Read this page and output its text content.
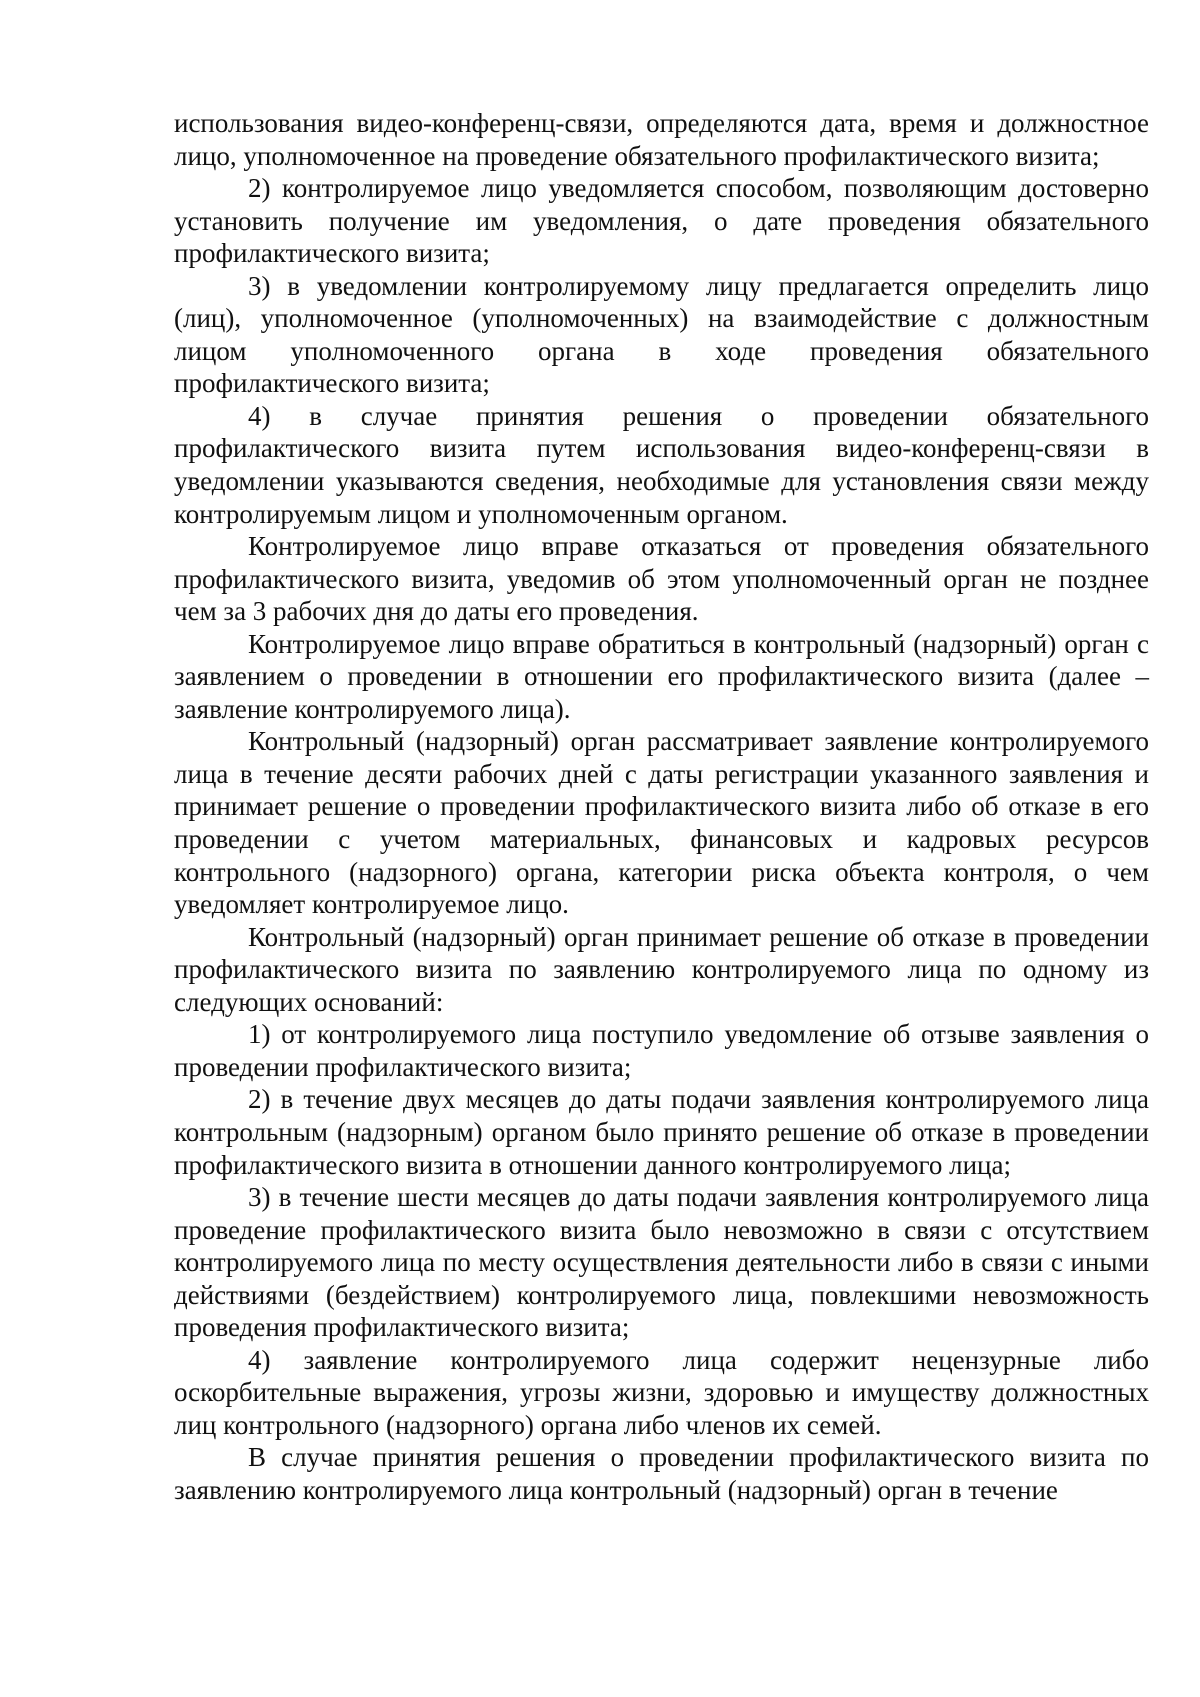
использования видео-конференц-связи, определяются дата, время и должностное лицо, уполномоченное на проведение обязательного профилактического визита;

2) контролируемое лицо уведомляется способом, позволяющим достоверно установить получение им уведомления, о дате проведения обязательного профилактического визита;

3) в уведомлении контролируемому лицу предлагается определить лицо (лиц), уполномоченное (уполномоченных) на взаимодействие с должностным лицом уполномоченного органа в ходе проведения обязательного профилактического визита;

4) в случае принятия решения о проведении обязательного профилактического визита путем использования видео-конференц-связи в уведомлении указываются сведения, необходимые для установления связи между контролируемым лицом и уполномоченным органом.

Контролируемое лицо вправе отказаться от проведения обязательного профилактического визита, уведомив об этом уполномоченный орган не позднее чем за 3 рабочих дня до даты его проведения.

Контролируемое лицо вправе обратиться в контрольный (надзорный) орган с заявлением о проведении в отношении его профилактического визита (далее – заявление контролируемого лица).

Контрольный (надзорный) орган рассматривает заявление контролируемого лица в течение десяти рабочих дней с даты регистрации указанного заявления и принимает решение о проведении профилактического визита либо об отказе в его проведении с учетом материальных, финансовых и кадровых ресурсов контрольного (надзорного) органа, категории риска объекта контроля, о чем уведомляет контролируемое лицо.

Контрольный (надзорный) орган принимает решение об отказе в проведении профилактического визита по заявлению контролируемого лица по одному из следующих оснований:

1) от контролируемого лица поступило уведомление об отзыве заявления о проведении профилактического визита;

2) в течение двух месяцев до даты подачи заявления контролируемого лица контрольным (надзорным) органом было принято решение об отказе в проведении профилактического визита в отношении данного контролируемого лица;

3) в течение шести месяцев до даты подачи заявления контролируемого лица проведение профилактического визита было невозможно в связи с отсутствием контролируемого лица по месту осуществления деятельности либо в связи с иными действиями (бездействием) контролируемого лица, повлекшими невозможность проведения профилактического визита;

4) заявление контролируемого лица содержит нецензурные либо оскорбительные выражения, угрозы жизни, здоровью и имуществу должностных лиц контрольного (надзорного) органа либо членов их семей.

В случае принятия решения о проведении профилактического визита по заявлению контролируемого лица контрольный (надзорный) орган в течение
